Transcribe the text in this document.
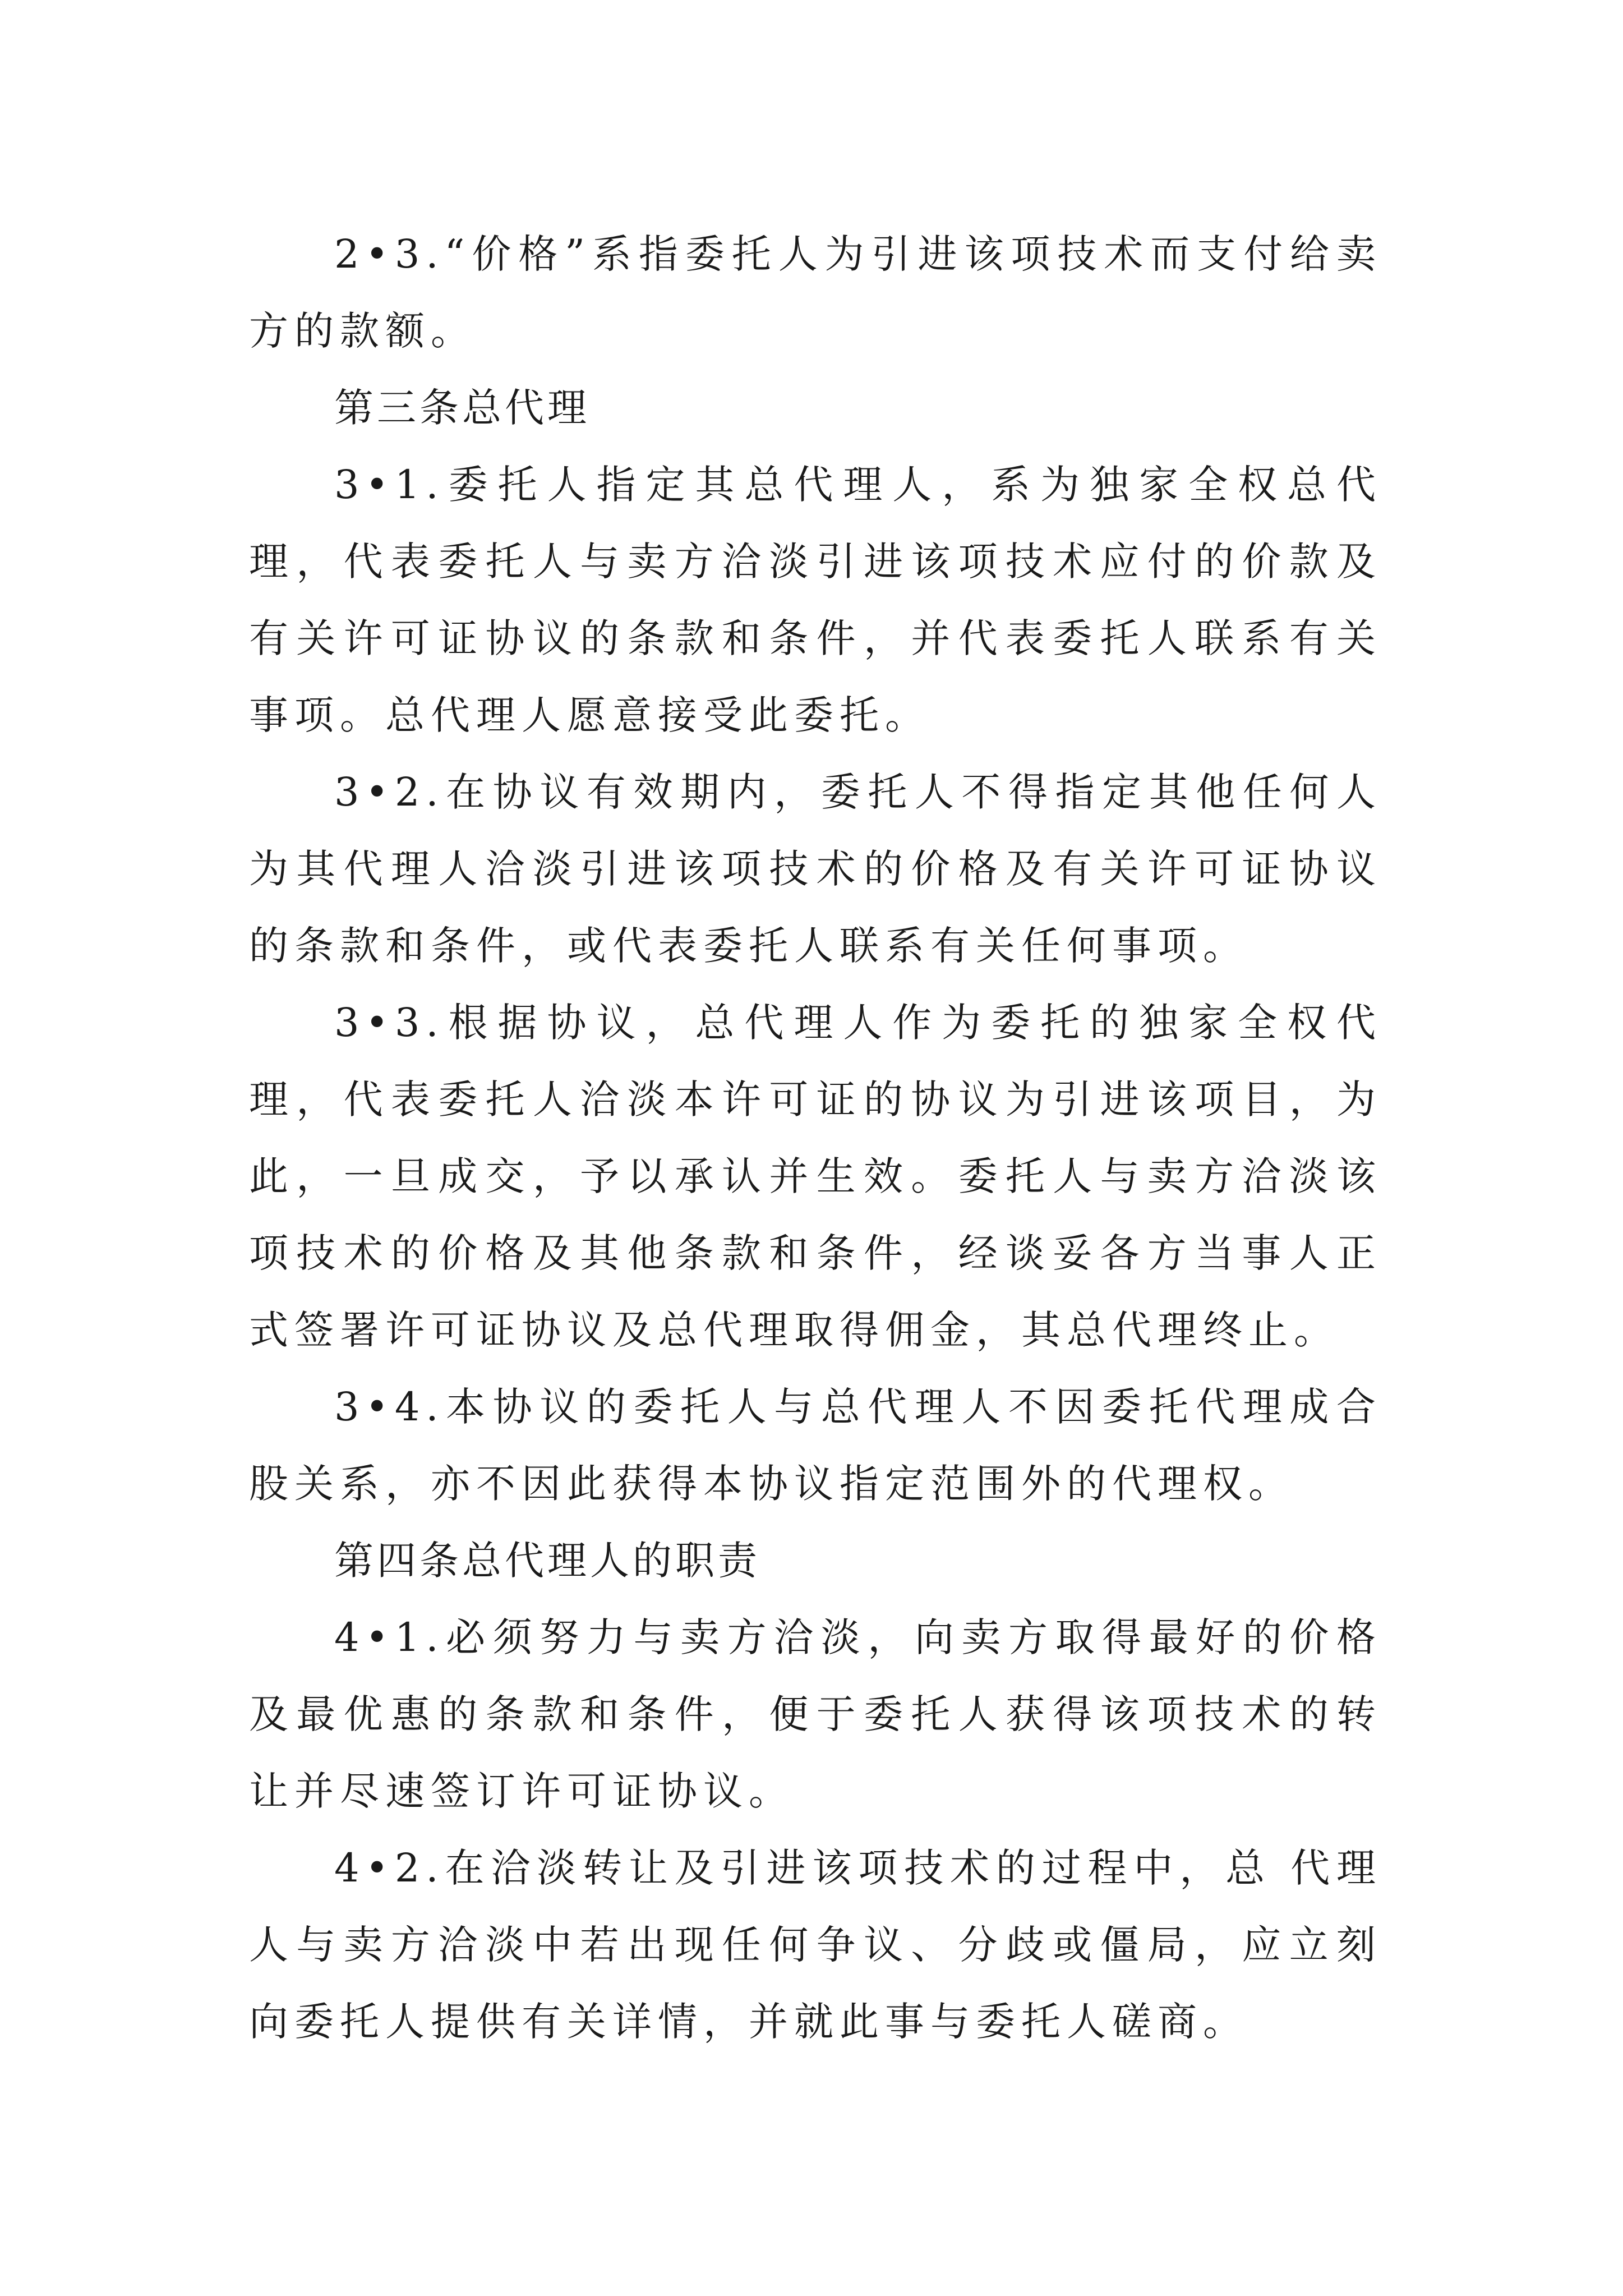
2•3.“价格”系指委托人为引进该项技术而支付给卖方的款额。

第三条总代理

3•1.委托人指定其总代理人，系为独家全权总代理，代表委托人与卖方洽淡引进该项技术应付的价款及有关许可证协议的条款和条件，并代表委托人联系有关事项。总代理人愿意接受此委托。

3•2.在协议有效期内，委托人不得指定其他任何人为其代理人洽淡引进该项技术的价格及有关许可证协议的条款和条件，或代表委托人联系有关任何事项。

3•3.根据协议，总代理人作为委托的独家全权代理，代表委托人洽淡本许可证的协议为引进该项目，为此，一旦成交，予以承认并生效。委托人与卖方洽淡该项技术的价格及其他条款和条件，经谈妥各方当事人正式签署许可证协议及总代理取得佣金，其总代理终止。

3•4.本协议的委托人与总代理人不因委托代理成合股关系，亦不因此获得本协议指定范围外的代理权。

第四条总代理人的职责

4•1.必须努力与卖方洽淡，向卖方取得最好的价格及最优惠的条款和条件，便于委托人获得该项技术的转让并尽速签订许可证协议。

4•2.在洽淡转让及引进该项技术的过程中，总 代理人与卖方洽淡中若出现任何争议、分歧或僵局，应立刻向委托人提供有关详情，并就此事与委托人磋商。
